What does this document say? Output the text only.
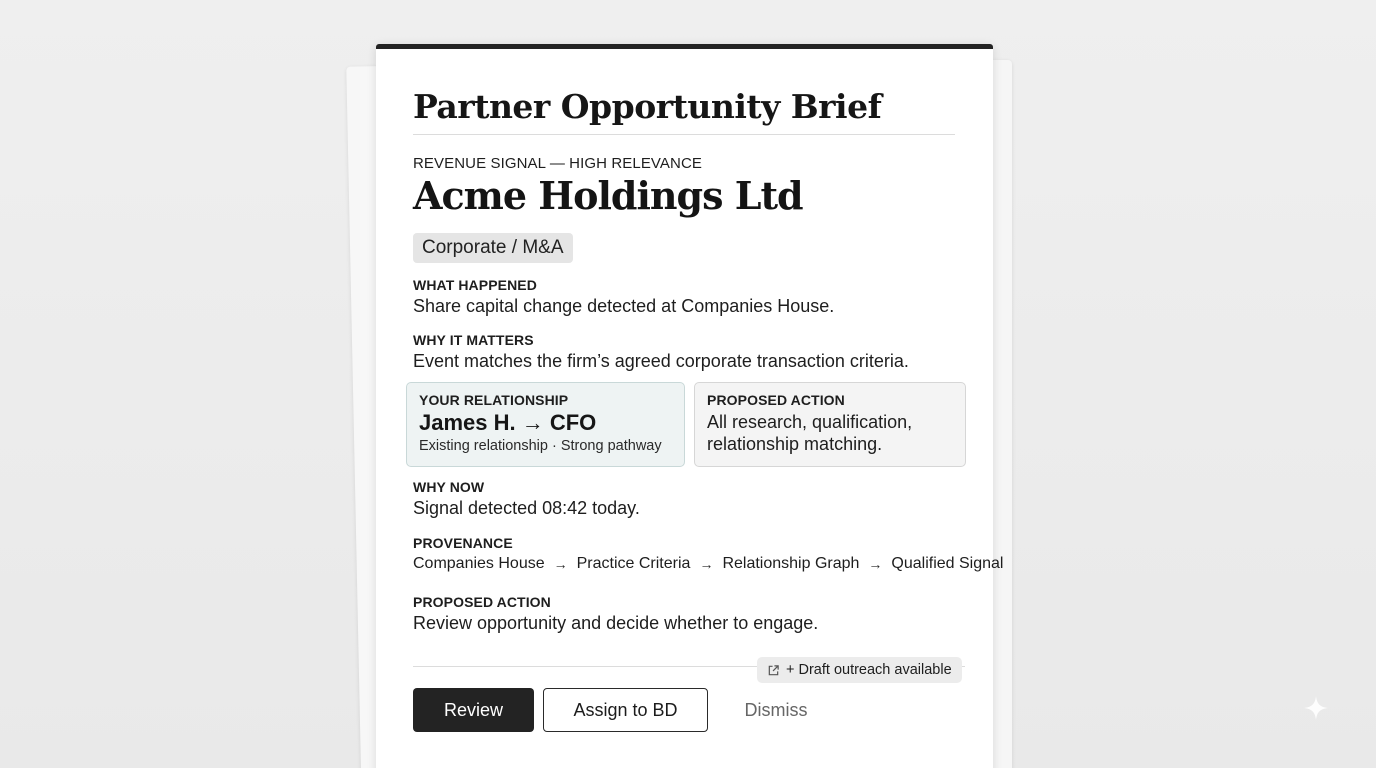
Partner Opportunity Brief
REVENUE SIGNAL — HIGH RELEVANCE
Acme Holdings Ltd
Corporate / M&A
WHAT HAPPENED
Share capital change detected at Companies House.
WHY IT MATTERS
Event matches the firm’s agreed corporate transaction criteria.
YOUR RELATIONSHIP
James H. → CFO
Existing relationship · Strong pathway
PROPOSED ACTION
All research, qualification, relationship matching.
WHY NOW
Signal detected 08:42 today.
PROVENANCE
Companies House → Practice Criteria → Relationship Graph → Qualified Signal
PROPOSED ACTION
Review opportunity and decide whether to engage.
+ Draft outreach available
Review	Assign to BD	Dismiss
